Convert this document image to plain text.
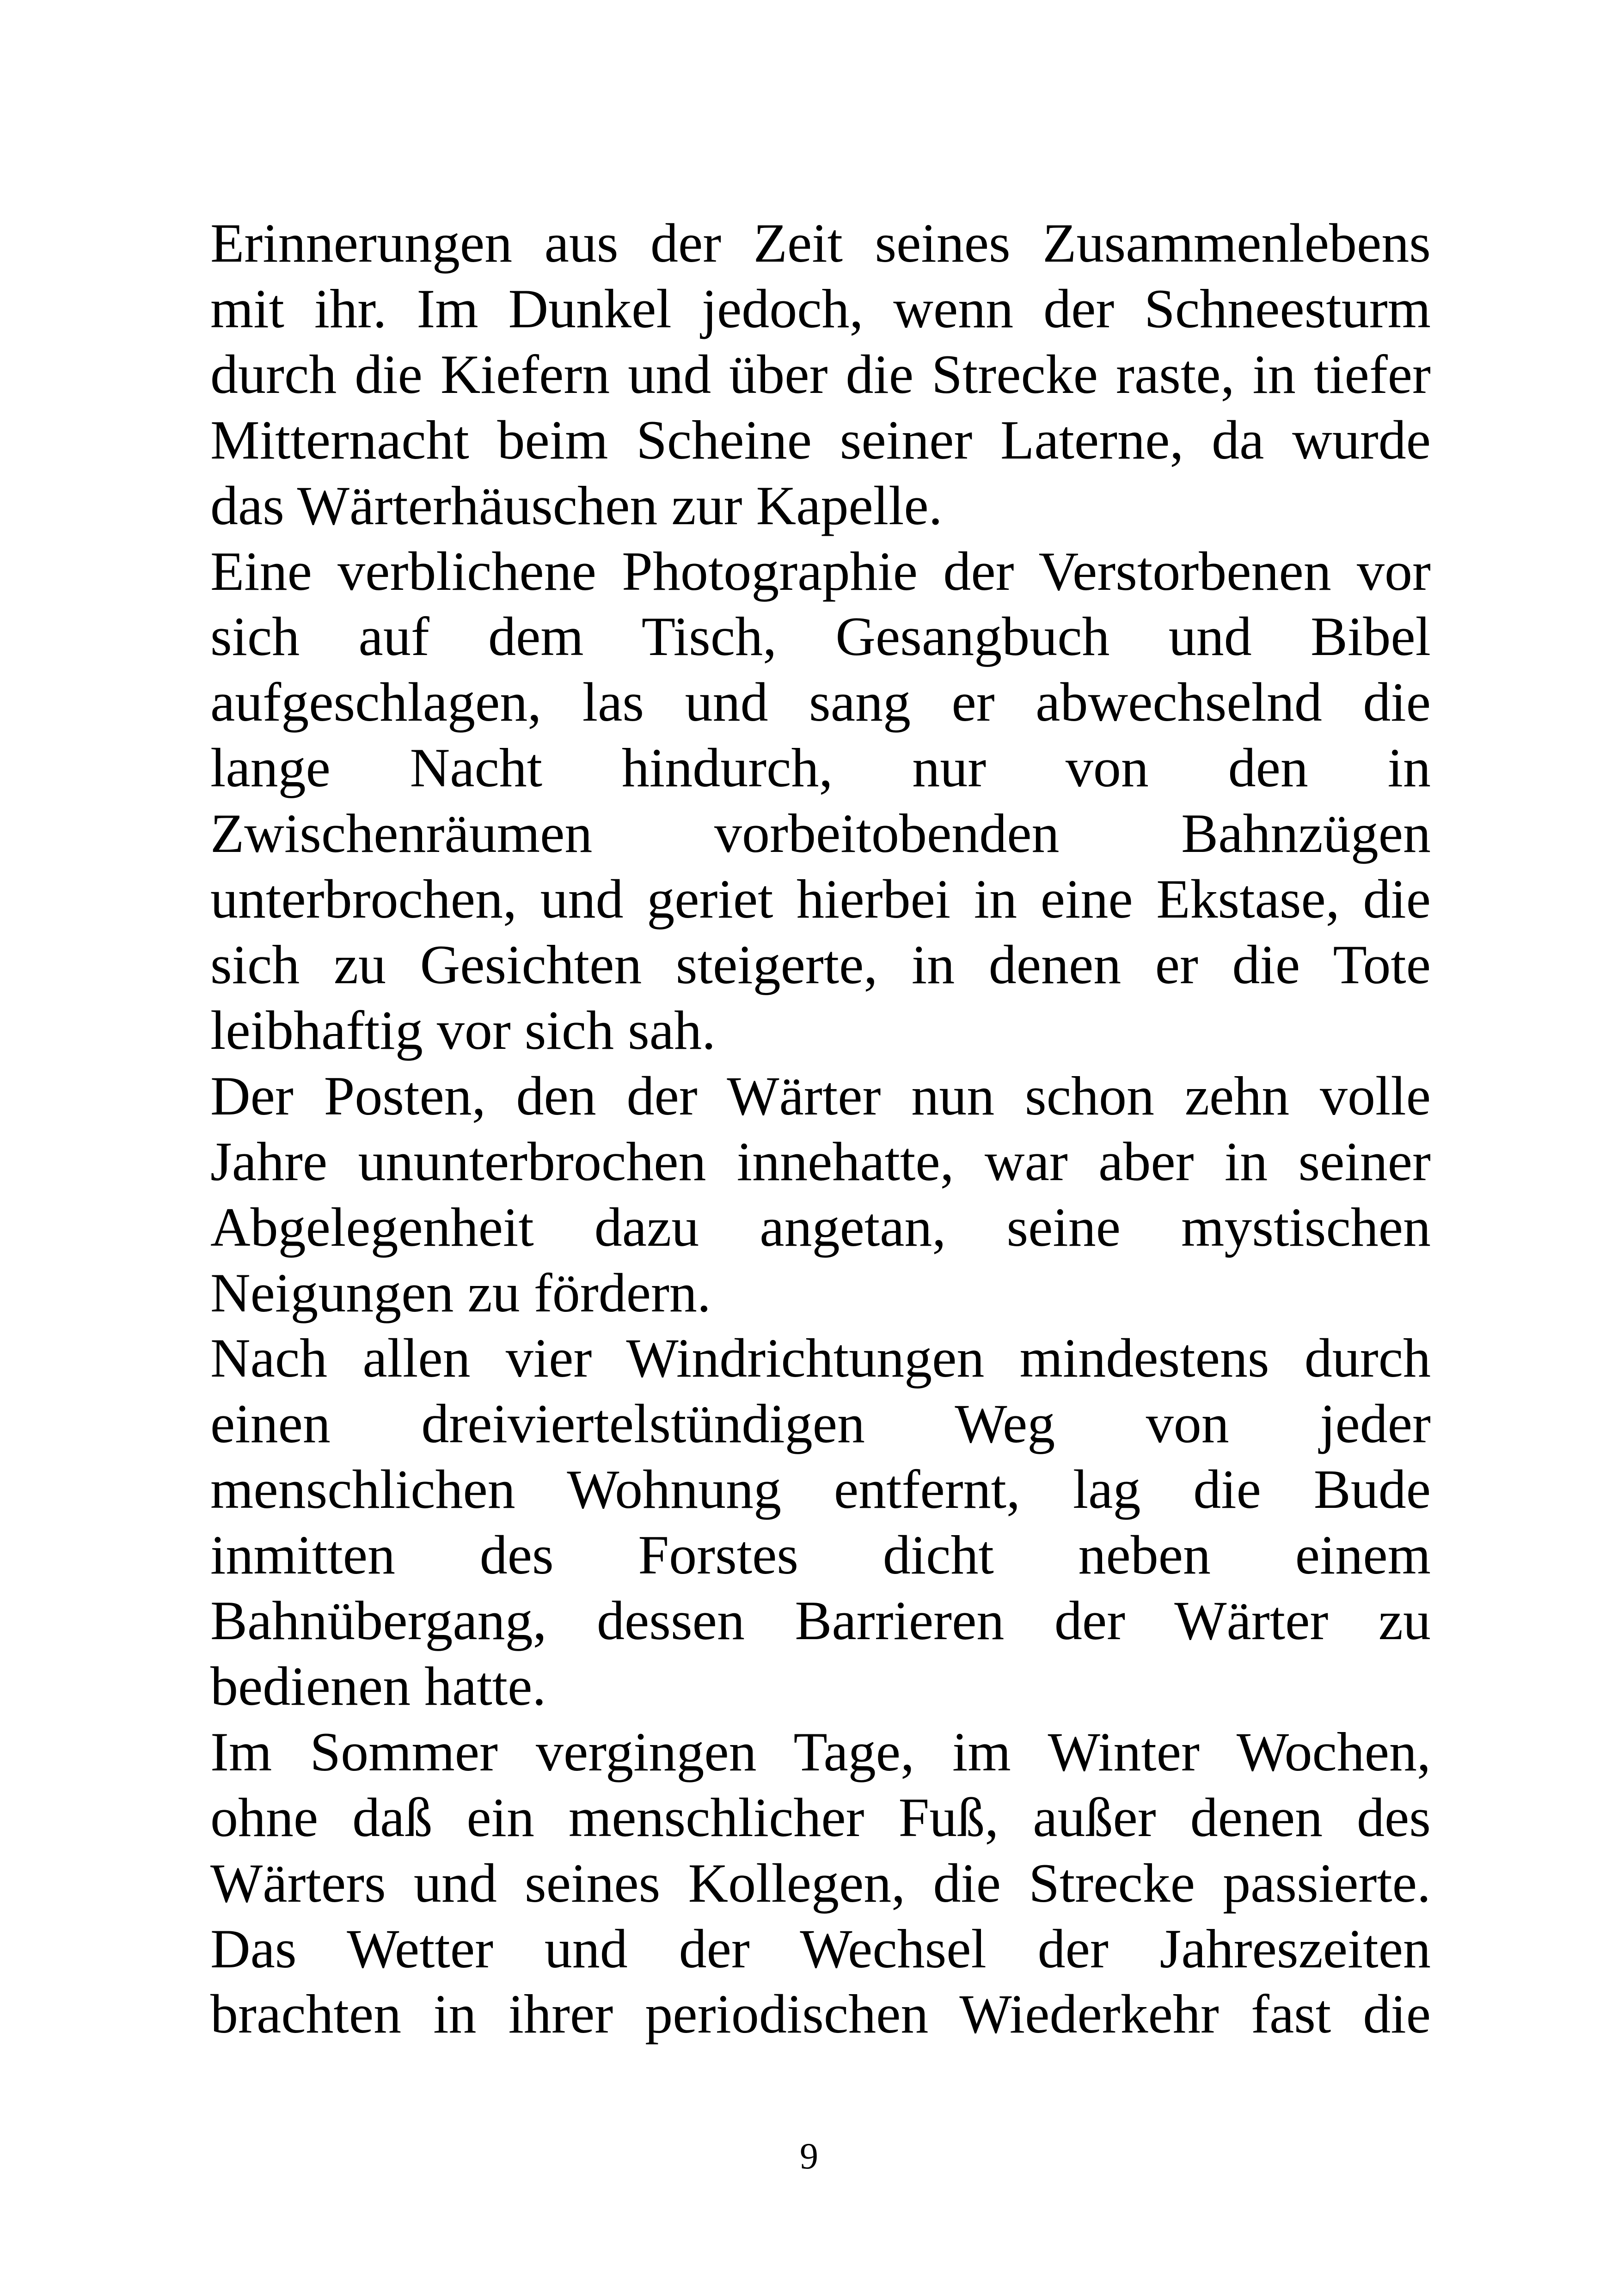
Erinnerungen aus der Zeit seines Zusammenlebens
mit ihr. Im Dunkel jedoch, wenn der Schneesturm
durch die Kiefern und über die Strecke raste, in tiefer
Mitternacht beim Scheine seiner Laterne, da wurde
das Wärterhäuschen zur Kapelle.
Eine verblichene Photographie der Verstorbenen vor
sich auf dem Tisch, Gesangbuch und Bibel
aufgeschlagen, las und sang er abwechselnd die
lange Nacht hindurch, nur von den in
Zwischenräumen vorbeitobenden Bahnzügen
unterbrochen, und geriet hierbei in eine Ekstase, die
sich zu Gesichten steigerte, in denen er die Tote
leibhaftig vor sich sah.
Der Posten, den der Wärter nun schon zehn volle
Jahre ununterbrochen innehatte, war aber in seiner
Abgelegenheit dazu angetan, seine mystischen
Neigungen zu fördern.
Nach allen vier Windrichtungen mindestens durch
einen dreiviertelstündigen Weg von jeder
menschlichen Wohnung entfernt, lag die Bude
inmitten des Forstes dicht neben einem
Bahnübergang, dessen Barrieren der Wärter zu
bedienen hatte.
Im Sommer vergingen Tage, im Winter Wochen,
ohne daß ein menschlicher Fuß, außer denen des
Wärters und seines Kollegen, die Strecke passierte.
Das Wetter und der Wechsel der Jahreszeiten
brachten in ihrer periodischen Wiederkehr fast die
9
